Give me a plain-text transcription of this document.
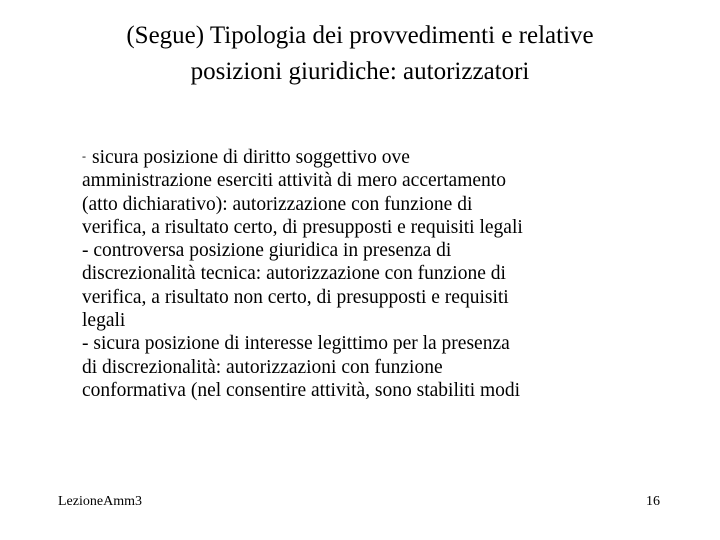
(Segue) Tipologia dei provvedimenti e relative
posizioni giuridiche: autorizzatori
- sicura posizione di diritto soggettivo ove
amministrazione eserciti attività di mero accertamento
(atto dichiarativo): autorizzazione con funzione di
verifica, a risultato certo, di presupposti e requisiti legali
- controversa posizione giuridica in presenza di
discrezionalità tecnica: autorizzazione con funzione di
verifica, a risultato non certo, di presupposti e requisiti
legali
- sicura posizione di interesse legittimo per la presenza
di discrezionalità: autorizzazioni con funzione
conformativa (nel consentire attività, sono stabiliti modi
LezioneAmm3	16
